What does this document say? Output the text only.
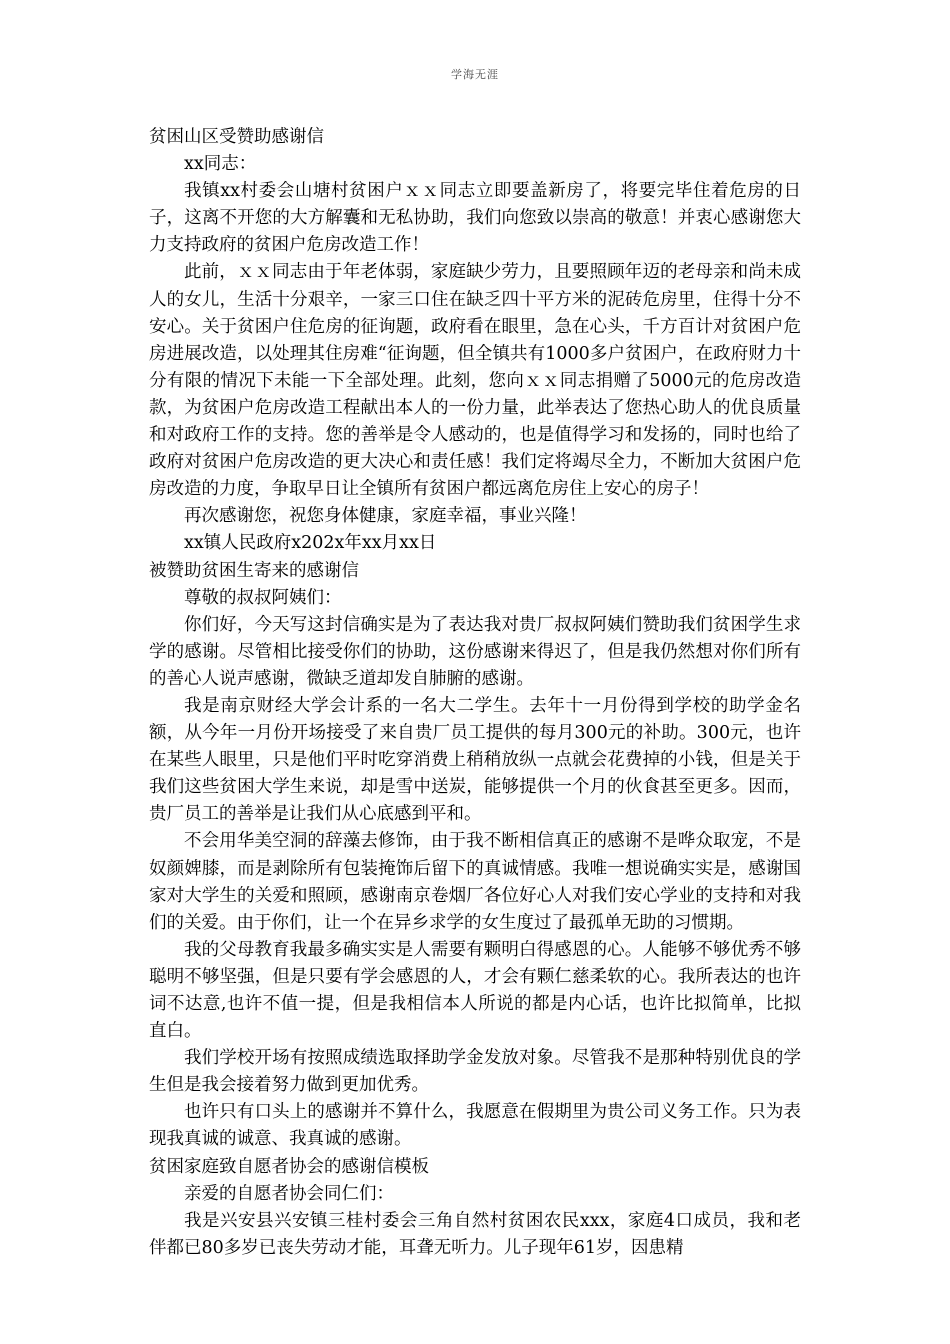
学海无涯

贫困山区受赞助感谢信

xx同志：

我镇xx村委会山塘村贫困户ｘｘ同志立即要盖新房了，将要完毕住着危房的日子，这离不开您的大方解囊和无私协助，我们向您致以崇高的敬意！并衷心感谢您大力支持政府的贫困户危房改造工作！

此前，ｘｘ同志由于年老体弱，家庭缺少劳力，且要照顾年迈的老母亲和尚未成人的女儿，生活十分艰辛，一家三口住在缺乏四十平方米的泥砖危房里，住得十分不安心。关于贫困户住危房的征询题，政府看在眼里，急在心头，千方百计对贫困户危房进展改造，以处理其住房难“征询题，但全镇共有1000多户贫困户，在政府财力十分有限的情况下未能一下全部处理。此刻，您向ｘｘ同志捐赠了5000元的危房改造款，为贫困户危房改造工程献出本人的一份力量，此举表达了您热心助人的优良质量和对政府工作的支持。您的善举是令人感动的，也是值得学习和发扬的，同时也给了政府对贫困户危房改造的更大决心和责任感！我们定将竭尽全力，不断加大贫困户危房改造的力度，争取早日让全镇所有贫困户都远离危房住上安心的房子！

再次感谢您，祝您身体健康，家庭幸福，事业兴隆！

xx镇人民政府x202x年xx月xx日

被赞助贫困生寄来的感谢信

尊敬的叔叔阿姨们：

你们好，今天写这封信确实是为了表达我对贵厂叔叔阿姨们赞助我们贫困学生求学的感谢。尽管相比接受你们的协助，这份感谢来得迟了，但是我仍然想对你们所有的善心人说声感谢，微缺乏道却发自肺腑的感谢。

我是南京财经大学会计系的一名大二学生。去年十一月份得到学校的助学金名额，从今年一月份开场接受了来自贵厂员工提供的每月300元的补助。300元，也许在某些人眼里，只是他们平时吃穿消费上稍稍放纵一点就会花费掉的小钱，但是关于我们这些贫困大学生来说，却是雪中送炭，能够提供一个月的伙食甚至更多。因而，贵厂员工的善举是让我们从心底感到平和。

不会用华美空洞的辞藻去修饰，由于我不断相信真正的感谢不是哗众取宠，不是奴颜婢膝，而是剥除所有包装掩饰后留下的真诚情感。我唯一想说确实实是，感谢国家对大学生的关爱和照顾，感谢南京卷烟厂各位好心人对我们安心学业的支持和对我们的关爱。由于你们，让一个在异乡求学的女生度过了最孤单无助的习惯期。

我的父母教育我最多确实实是人需要有颗明白得感恩的心。人能够不够优秀不够聪明不够坚强，但是只要有学会感恩的人，才会有颗仁慈柔软的心。我所表达的也许词不达意,也许不值一提，但是我相信本人所说的都是内心话，也许比拟简单，比拟直白。

我们学校开场有按照成绩选取择助学金发放对象。尽管我不是那种特别优良的学生但是我会接着努力做到更加优秀。

也许只有口头上的感谢并不算什么，我愿意在假期里为贵公司义务工作。只为表现我真诚的诚意、我真诚的感谢。

贫困家庭致自愿者协会的感谢信模板

亲爱的自愿者协会同仁们：

我是兴安县兴安镇三桂村委会三角自然村贫困农民xxx，家庭4口成员，我和老伴都已80多岁已丧失劳动才能，耳聋无听力。儿子现年61岁，因患精
